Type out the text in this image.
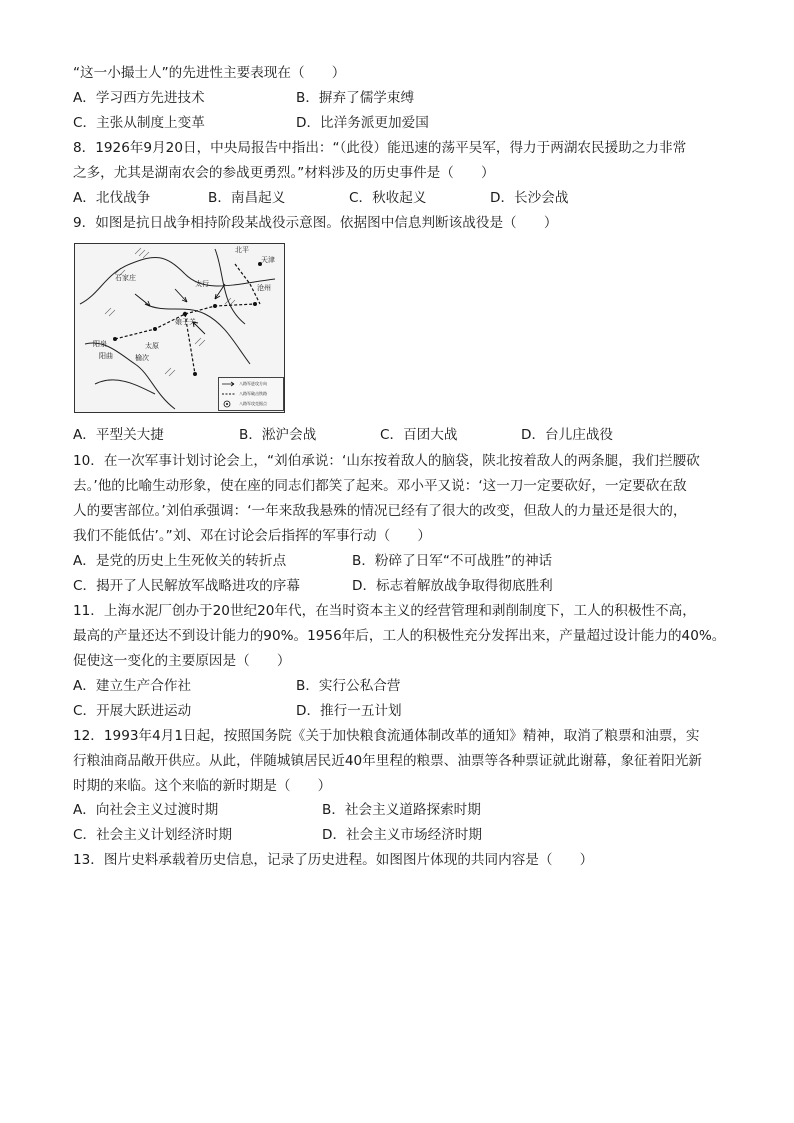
“这一小撮士人”的先进性主要表现在（　　）
A．学习西方先进技术	B．摒弃了儒学束缚
C．主张从制度上变革	D．比洋务派更加爱国
8．1926年9月20日，中央局报告中指出：“（此役）能迅速的荡平吴军，得力于两湖农民援助之力非常
之多，尤其是湖南农会的参战更勇烈。”材料涉及的历史事件是（　　）
A．北伐战争	B．南昌起义	C．秋收起义	D．长沙会战
9．如图是抗日战争相持阶段某战役示意图。依据图中信息判断该战役是（　　）
石家庄
阳泉
娘子关
阳曲
太原
榆次
天津
北平
沧州
太行
八路军进攻方向
八路军破击铁路
八路军攻克据点
A．平型关大捷	B．淞沪会战	C．百团大战	D．台儿庄战役
10．在一次军事计划讨论会上，“刘伯承说：‘山东按着敌人的脑袋，陕北按着敌人的两条腿，我们拦腰砍
去。’他的比喻生动形象，使在座的同志们都笑了起来。邓小平又说：‘这一刀一定要砍好，一定要砍在敌
人的要害部位。’刘伯承强调：‘一年来敌我悬殊的情况已经有了很大的改变，但敌人的力量还是很大的，
我们不能低估’。”刘、邓在讨论会后指挥的军事行动（　　）
A．是党的历史上生死攸关的转折点	B．粉碎了日军“不可战胜”的神话
C．揭开了人民解放军战略进攻的序幕	D．标志着解放战争取得彻底胜利
11．上海水泥厂创办于20世纪20年代，在当时资本主义的经营管理和剥削制度下，工人的积极性不高，
最高的产量还达不到设计能力的90%。1956年后，工人的积极性充分发挥出来，产量超过设计能力的40%。
促使这一变化的主要原因是（　　）
A．建立生产合作社	B．实行公私合营
C．开展大跃进运动	D．推行一五计划
12．1993年4月1日起，按照国务院《关于加快粮食流通体制改革的通知》精神，取消了粮票和油票，实
行粮油商品敞开供应。从此，伴随城镇居民近40年里程的粮票、油票等各种票证就此谢幕，象征着阳光新
时期的来临。这个来临的新时期是（　　）
A．向社会主义过渡时期	B．社会主义道路探索时期
C．社会主义计划经济时期	D．社会主义市场经济时期
13．图片史料承载着历史信息，记录了历史进程。如图图片体现的共同内容是（　　）
